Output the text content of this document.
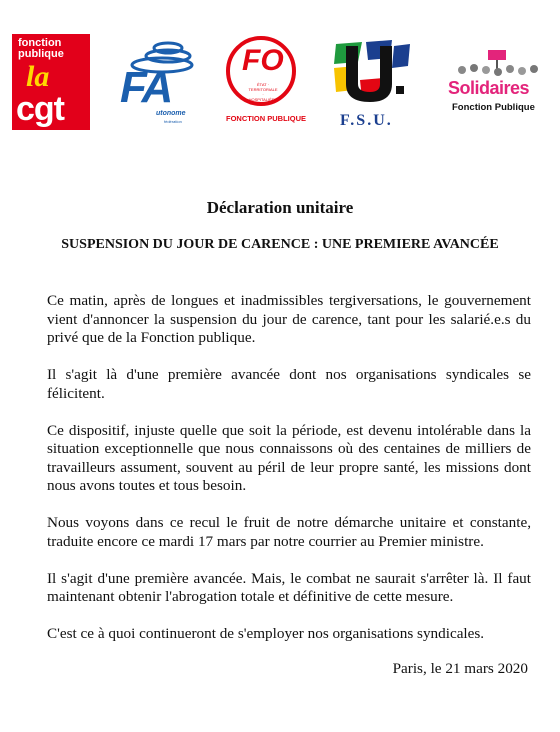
fonction
publique
la
cgt FA
utonome
fédération
FO
ÉTAT · TERRITORIALE · HOSPITALIÈRE
FONCTION PUBLIQUE F.S.U.
Solidaires
Fonction Publique
Déclaration unitaire
SUSPENSION DU JOUR DE CARENCE : UNE PREMIERE AVANCÉE

Ce matin, après de longues et inadmissibles tergiversations, le gouvernement vient d'annoncer la suspension du jour de carence, tant pour les salarié.e.s du privé que de la Fonction publique.

Il s'agit là d'une première avancée dont nos organisations syndicales se félicitent.

Ce dispositif, injuste quelle que soit la période, est devenu intolérable dans la situation exceptionnelle que nous connaissons où des centaines de milliers de travailleurs assument, souvent au péril de leur propre santé, les missions dont nous avons toutes et tous besoin.

Nous voyons dans ce recul le fruit de notre démarche unitaire et constante, traduite encore ce mardi 17 mars par notre courrier au Premier ministre.

Il s'agit d'une première avancée. Mais, le combat ne saurait s'arrêter là. Il faut maintenant obtenir l'abrogation totale et définitive de cette mesure.

C'est ce à quoi continueront de s'employer nos organisations syndicales.

Paris, le 21 mars 2020
